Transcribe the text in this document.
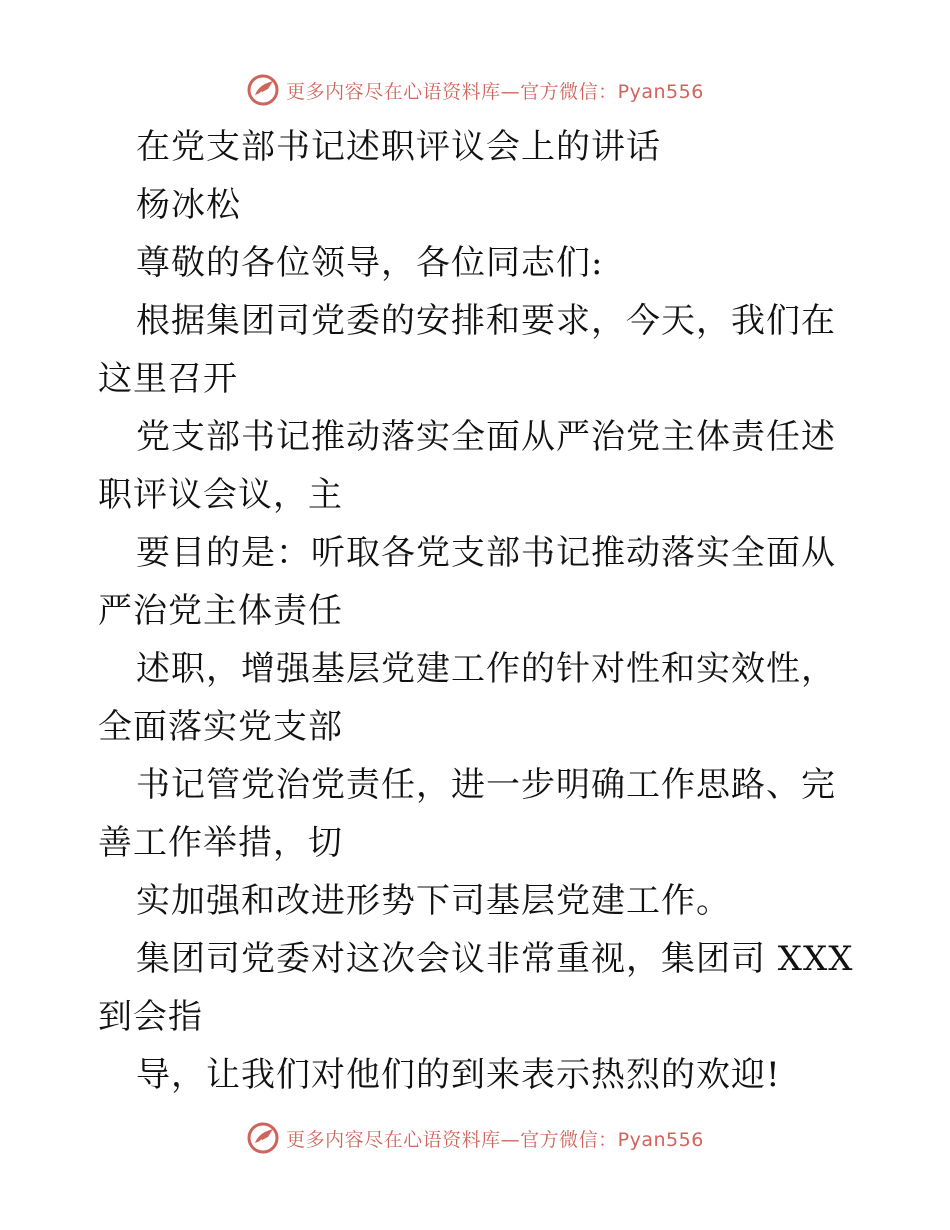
更多内容尽在心语资料库—官方微信：Pyan556

在党支部书记述职评议会上的讲话

杨冰松

尊敬的各位领导，各位同志们:

根据集团司党委的安排和要求，今天，我们在这里召开

党支部书记推动落实全面从严治党主体责任述职评议会议，主

要目的是：听取各党支部书记推动落实全面从严治党主体责任

述职，增强基层党建工作的针对性和实效性，全面落实党支部

书记管党治党责任，进一步明确工作思路、完善工作举措，切

实加强和改进形势下司基层党建工作。

集团司党委对这次会议非常重视，集团司 XXX 到会指

导，让我们对他们的到来表示热烈的欢迎!

更多内容尽在心语资料库—官方微信：Pyan556
